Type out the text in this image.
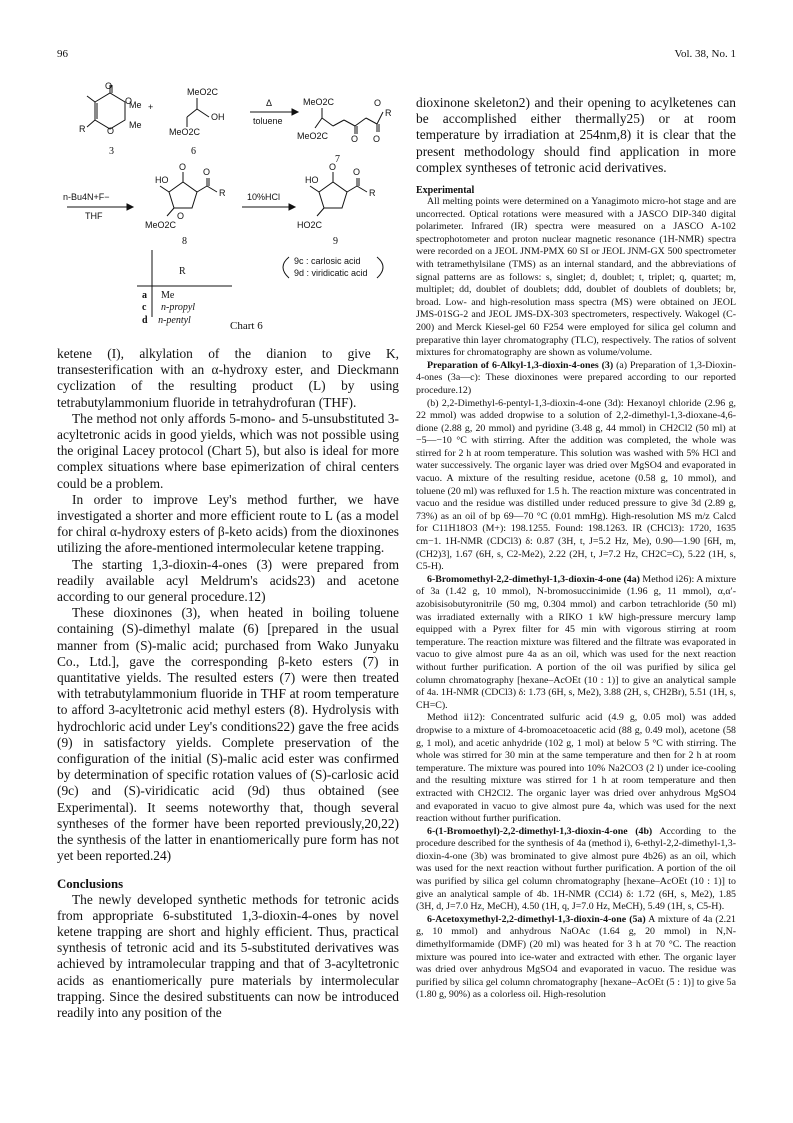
96	Vol. 38, No. 1
O
O
Me +
O
R	Me
MeO2C
OH
MeO2C
Δ
toluene
MeO2C
MeO2C
O
O
O
R
n-Bu4N+F−
THF
HO
O
R
O
O
MeO2C
10%HCl
HO
O
R
O
HO2C
9c : carlosic acid
9d : viridicatic acid
3	6
7
8	9
R
a Me
c n-propyl
d n-pentyl	Chart 6

ketene (I), alkylation of the dianion to give K, transesterification with an α-hydroxy ester, and Dieckmann cyclization of the resulting product (L) by using tetrabutylammonium fluoride in tetrahydrofuran (THF).

The method not only affords 5-mono- and 5-unsubstituted 3-acyltetronic acids in good yields, which was not possible using the original Lacey protocol (Chart 5), but also is ideal for more complex situations where base epimerization of chiral centers could be a problem.

In order to improve Ley's method further, we have investigated a shorter and more efficient route to L (as a model for chiral α-hydroxy esters of β-keto acids) from the dioxinones utilizing the afore-mentioned intermolecular ketene trapping.

The starting 1,3-dioxin-4-ones (3) were prepared from readily available acyl Meldrum's acids23) and acetone according to our general procedure.12)

These dioxinones (3), when heated in boiling toluene containing (S)-dimethyl malate (6) [prepared in the usual manner from (S)-malic acid; purchased from Wako Junyaku Co., Ltd.], gave the corresponding β-keto esters (7) in quantitative yields. The resulted esters (7) were then treated with tetrabutylammonium fluoride in THF at room temperature to afford 3-acyltetronic acid methyl esters (8). Hydrolysis with hydrochloric acid under Ley's conditions22) gave the free acids (9) in satisfactory yields. Complete preservation of the configuration of the initial (S)-malic acid ester was confirmed by determination of specific rotation values of (S)-carlosic acid (9c) and (S)-viridicatic acid (9d) thus obtained (see Experimental). It seems noteworthy that, though several syntheses of the former have been reported previously,20,22) the synthesis of the latter in enantiomerically pure form has not yet been reported.24)

Conclusions

The newly developed synthetic methods for tetronic acids from appropriate 6-substituted 1,3-dioxin-4-ones by novel ketene trapping are short and highly efficient. Thus, practical synthesis of tetronic acid and its 5-substituted derivatives was achieved by intramolecular trapping and that of 3-acyltetronic acids as enantiomerically pure materials by intermolecular trapping. Since the desired substituents can now be introduced readily into any position of the

dioxinone skeleton2) and their opening to acylketenes can be accomplished either thermally25) or at room temperature by irradiation at 254nm,8) it is clear that the present methodology should find application in more complex syntheses of tetronic acid derivatives.

Experimental

All melting points were determined on a Yanagimoto micro-hot stage and are uncorrected. Optical rotations were measured with a JASCO DIP-340 digital polarimeter. Infrared (IR) spectra were measured on a JASCO A-102 spectrophotometer and proton nuclear magnetic resonance (1H-NMR) spectra were recorded on a JEOL JNM-PMX 60 SI or JEOL JNM-GX 500 spectrometer with tetramethylsilane (TMS) as an internal standard, and the abbreviations of signal patterns are as follows: s, singlet; d, doublet; t, triplet; q, quartet; m, multiplet; dd, doublet of doublets; ddd, doublet of doublets of doublets; br, broad. Low- and high-resolution mass spectra (MS) were obtained on JEOL JMS-01SG-2 and JEOL JMS-DX-303 spectrometers, respectively. Wakogel (C-200) and Merck Kiesel-gel 60 F254 were employed for silica gel column and preparative thin layer chromatography (TLC), respectively. The ratios of solvent mixtures for chromatography are shown as volume/volume.

Preparation of 6-Alkyl-1,3-dioxin-4-ones (3) (a) Preparation of 1,3-Dioxin-4-ones (3a—c): These dioxinones were prepared according to our reported procedure.12)

(b) 2,2-Dimethyl-6-pentyl-1,3-dioxin-4-one (3d): Hexanoyl chloride (2.96 g, 22 mmol) was added dropwise to a solution of 2,2-dimethyl-1,3-dioxane-4,6-dione (2.88 g, 20 mmol) and pyridine (3.48 g, 44 mmol) in CH2Cl2 (50 ml) at −5—−10 °C with stirring. After the addition was completed, the whole was stirred for 2 h at room temperature. This solution was washed with 5% HCl and water successively. The organic layer was dried over MgSO4 and evaporated in vacuo. A mixture of the resulting residue, acetone (0.58 g, 10 mmol), and toluene (20 ml) was refluxed for 1.5 h. The reaction mixture was concentrated in vacuo and the residue was distilled under reduced pressure to give 3d (2.89 g, 73%) as an oil of bp 69—70 °C (0.01 mmHg). High-resolution MS m/z Calcd for C11H18O3 (M+): 198.1255. Found: 198.1263. IR (CHCl3): 1720, 1635 cm−1. 1H-NMR (CDCl3) δ: 0.87 (3H, t, J=5.2 Hz, Me), 0.90—1.90 [6H, m, (CH2)3], 1.67 (6H, s, C2-Me2), 2.22 (2H, t, J=7.2 Hz, CH2C=C), 5.22 (1H, s, C5-H).

6-Bromomethyl-2,2-dimethyl-1,3-dioxin-4-one (4a) Method i26): A mixture of 3a (1.42 g, 10 mmol), N-bromosuccinimide (1.96 g, 11 mmol), α,α′-azobisisobutyronitrile (50 mg, 0.304 mmol) and carbon tetrachloride (50 ml) was irradiated externally with a RIKO 1 kW high-pressure mercury lamp equipped with a Pyrex filter for 45 min with vigorous stirring at room temperature. The reaction mixture was filtered and the filtrate was evaporated in vacuo to give almost pure 4a as an oil, which was used for the next reaction without further purification. A portion of the oil was purified by silica gel column chromatography [hexane–AcOEt (10 : 1)] to give an analytical sample of 4a. 1H-NMR (CDCl3) δ: 1.73 (6H, s, Me2), 3.88 (2H, s, CH2Br), 5.51 (1H, s, CH=C).

Method ii12): Concentrated sulfuric acid (4.9 g, 0.05 mol) was added dropwise to a mixture of 4-bromoacetoacetic acid (88 g, 0.49 mol), acetone (58 g, 1 mol), and acetic anhydride (102 g, 1 mol) at below 5 °C with stirring. The whole was stirred for 30 min at the same temperature and then for 2 h at room temperature. The mixture was poured into 10% Na2CO3 (2 l) under ice-cooling and the resulting mixture was stirred for 1 h at room temperature and then extracted with CH2Cl2. The organic layer was dried over anhydrous MgSO4 and evaporated in vacuo to give almost pure 4a, which was used for the next reaction without further purification.

6-(1-Bromoethyl)-2,2-dimethyl-1,3-dioxin-4-one (4b) According to the procedure described for the synthesis of 4a (method i), 6-ethyl-2,2-dimethyl-1,3-dioxin-4-one (3b) was brominated to give almost pure 4b26) as an oil, which was used for the next reaction without further purification. A portion of the oil was purified by silica gel column chromatography [hexane–AcOEt (10 : 1)] to give an analytical sample of 4b. 1H-NMR (CCl4) δ: 1.72 (6H, s, Me2), 1.85 (3H, d, J=7.0 Hz, MeCH), 4.50 (1H, q, J=7.0 Hz, MeCH), 5.49 (1H, s, C5-H).

6-Acetoxymethyl-2,2-dimethyl-1,3-dioxin-4-one (5a) A mixture of 4a (2.21 g, 10 mmol) and anhydrous NaOAc (1.64 g, 20 mmol) in N,N-dimethylformamide (DMF) (20 ml) was heated for 3 h at 70 °C. The reaction mixture was poured into ice-water and extracted with ether. The organic layer was dried over anhydrous MgSO4 and evaporated in vacuo. The residue was purified by silica gel column chromatography [hexane–AcOEt (5 : 1)] to give 5a (1.80 g, 90%) as a colorless oil. High-resolution
